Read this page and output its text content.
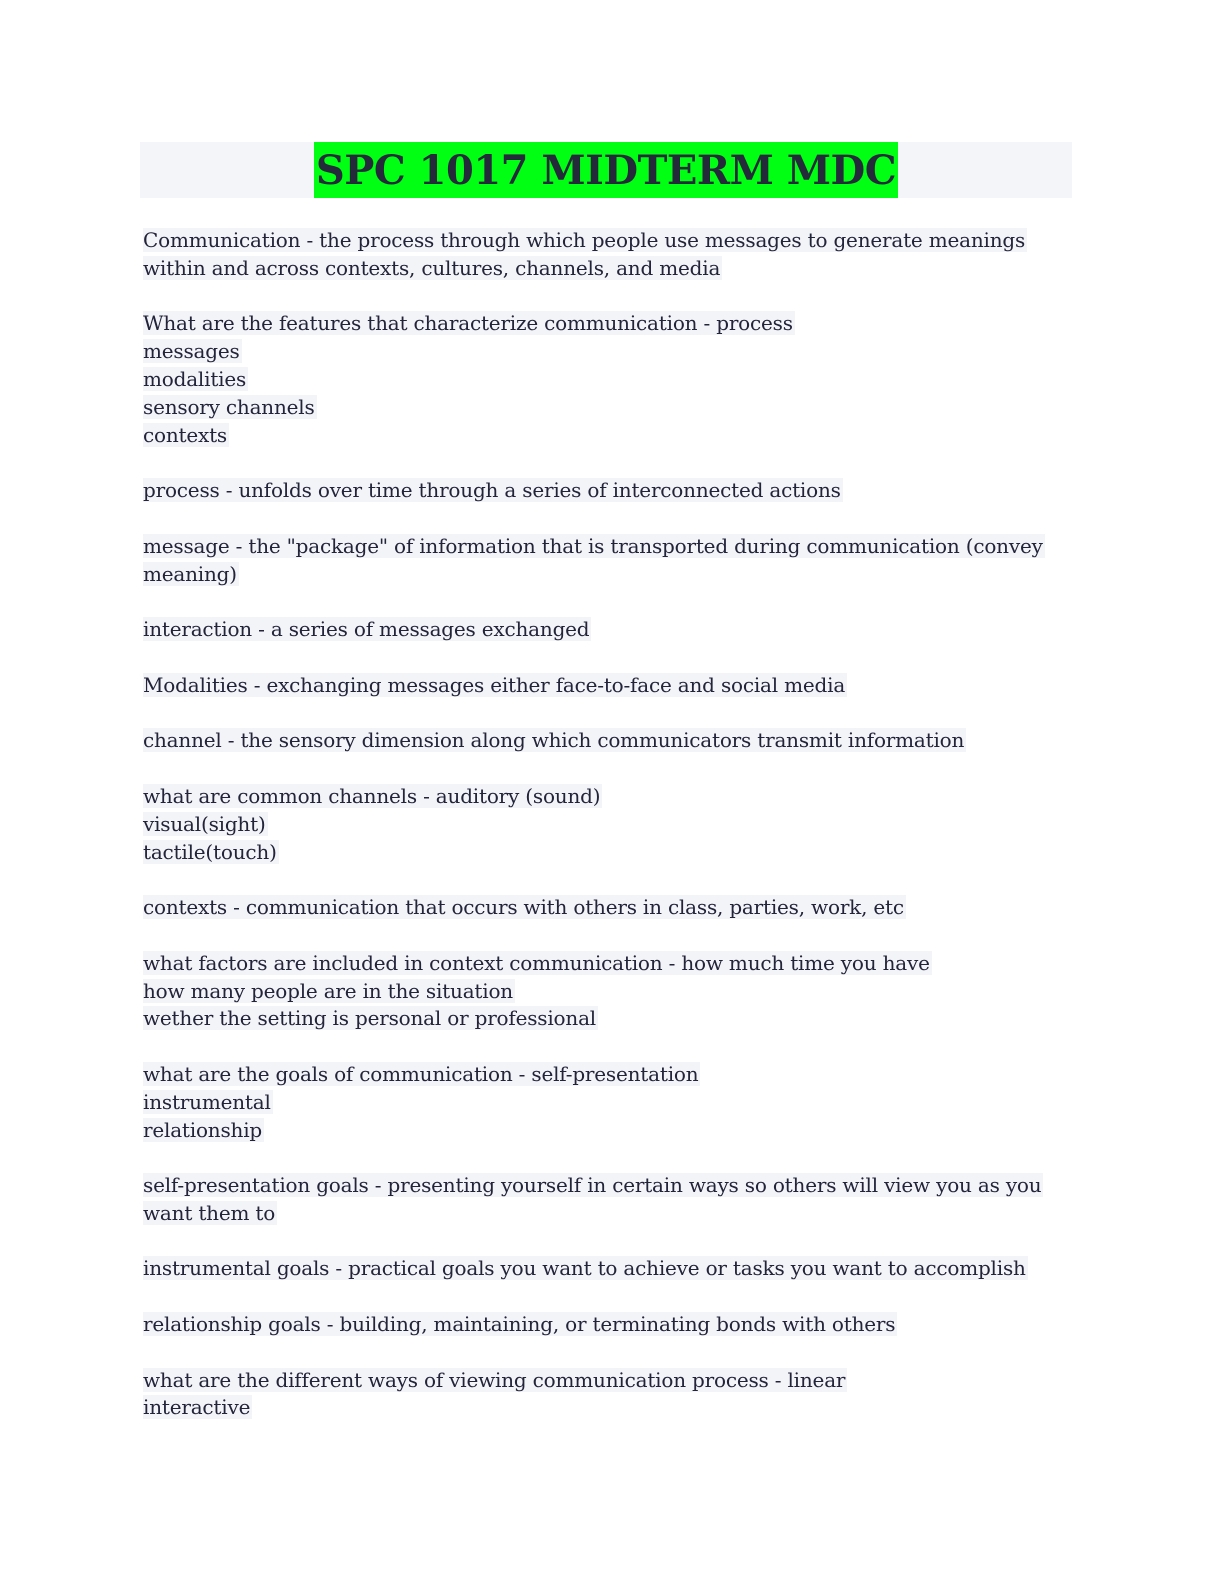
SPC 1017 MIDTERM MDC
Communication - the process through which people use messages to generate meanings
within and across contexts, cultures, channels, and media
What are the features that characterize communication - process
messages
modalities
sensory channels
contexts
process - unfolds over time through a series of interconnected actions
message - the "package" of information that is transported during communication (convey
meaning)
interaction - a series of messages exchanged
Modalities - exchanging messages either face-to-face and social media
channel - the sensory dimension along which communicators transmit information
what are common channels - auditory (sound)
visual(sight)
tactile(touch)
contexts - communication that occurs with others in class, parties, work, etc
what factors are included in context communication - how much time you have
how many people are in the situation
wether the setting is personal or professional
what are the goals of communication - self-presentation
instrumental
relationship
self-presentation goals - presenting yourself in certain ways so others will view you as you
want them to
instrumental goals - practical goals you want to achieve or tasks you want to accomplish
relationship goals - building, maintaining, or terminating bonds with others
what are the different ways of viewing communication process - linear
interactive
